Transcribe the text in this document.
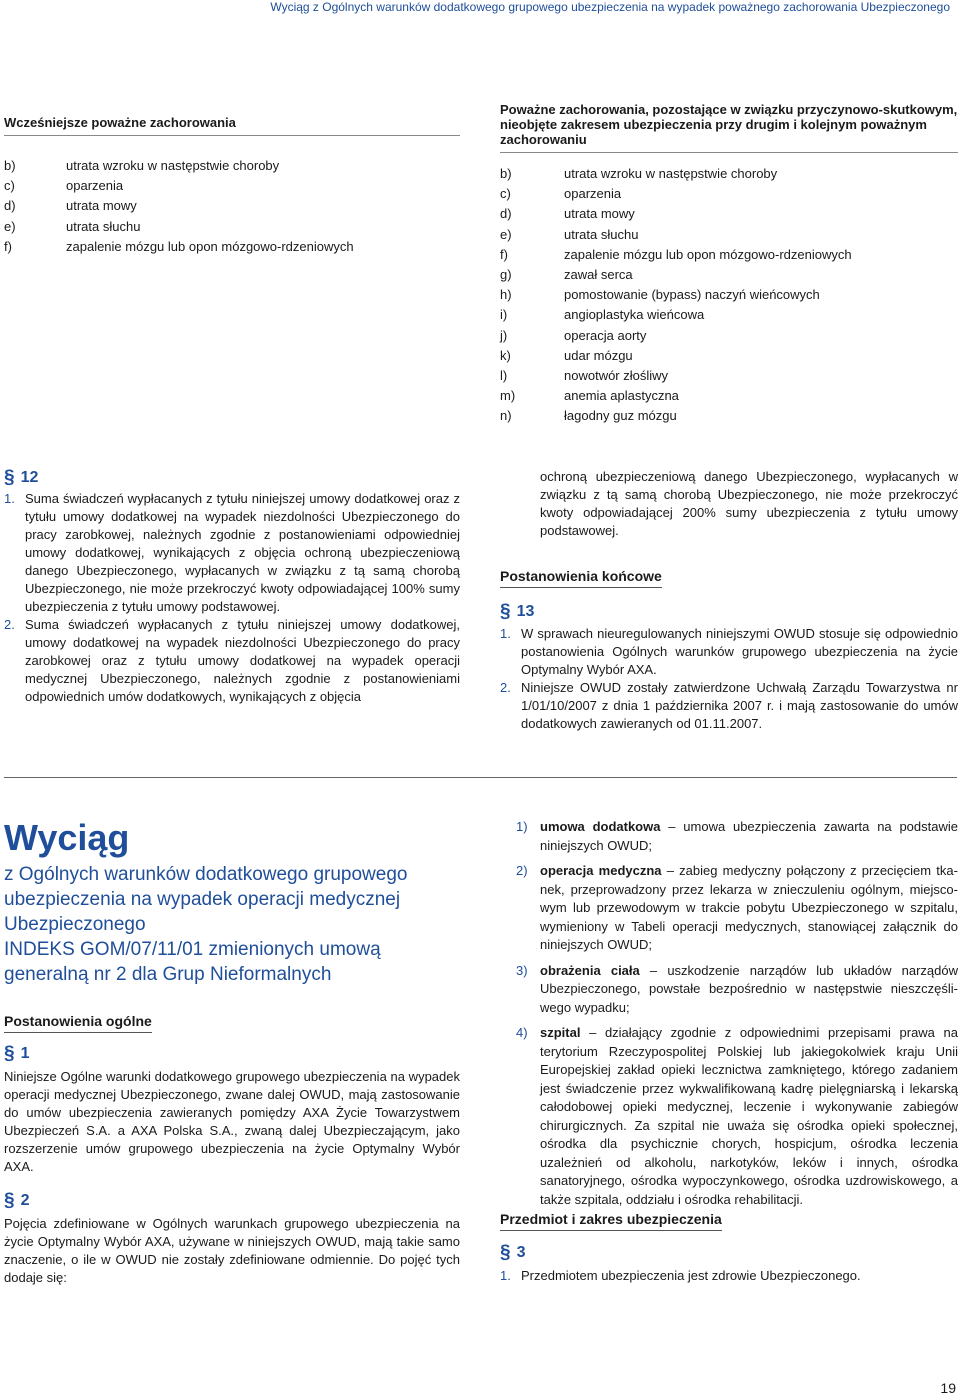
Wyciąg z Ogólnych warunków dodatkowego grupowego ubezpieczenia na wypadek poważnego zachorowania Ubezpieczonego
Wcześniejsze poważne zachorowania
b)	utrata wzroku w następstwie choroby
c)	oparzenia
d)	utrata mowy
e)	utrata słuchu
f)	zapalenie mózgu lub opon mózgowo-rdzeniowych
Poważne zachorowania, pozostające w związku przyczynowo-skutkowym, nieobjęte zakresem ubezpieczenia przy drugim i kolejnym poważnym zachorowaniu
b)	utrata wzroku w następstwie choroby
c)	oparzenia
d)	utrata mowy
e)	utrata słuchu
f)	zapalenie mózgu lub opon mózgowo-rdzeniowych
g)	zawał serca
h)	pomostowanie (bypass) naczyń wieńcowych
i)	angioplastyka wieńcowa
j)	operacja aorty
k)	udar mózgu
l)	nowotwór złośliwy
m)	anemia aplastyczna
n)	łagodny guz mózgu
§ 12
1. Suma świadczeń wypłacanych z tytułu niniejszej umowy dodatkowej oraz z tytułu umowy dodatkowej na wypadek niezdolności Ubezpieczonego do pracy zarobkowej, należnych zgodnie z postanowieniami odpowiedniej umowy dodatkowej, wynikających z objęcia ochroną ubezpieczeniową danego Ubezpieczonego, wypłacanych w związku z tą samą chorobą Ubezpieczonego, nie może przekroczyć kwoty odpowiadającej 100% sumy ubezpieczenia z tytułu umowy podstawowej.
2. Suma świadczeń wypłacanych z tytułu niniejszej umowy dodatkowej, umowy dodatkowej na wypadek niezdolności Ubezpieczonego do pracy zarobkowej oraz z tytułu umowy dodatkowej na wypadek operacji medycznej Ubezpieczonego, należnych zgodnie z postanowieniami odpowiednich umów dodatkowych, wynikających z objęcia

ochroną ubezpieczeniową danego Ubezpieczonego, wypłacanych w związku z tą samą chorobą Ubezpieczonego, nie może przekroczyć kwoty odpowiadającej 200% sumy ubezpieczenia z tytułu umowy podstawowej.

Postanowienia końcowe
§ 13
1. W sprawach nieuregulowanych niniejszymi OWUD stosuje się odpowiednio postanowienia Ogólnych warunków grupowego ubezpieczenia na życie Optymalny Wybór AXA.
2. Niniejsze OWUD zostały zatwierdzone Uchwałą Zarządu Towarzystwa nr 1/01/10/2007 z dnia 1 października 2007 r. i mają zastosowanie do umów dodatkowych zawieranych od 01.11.2007.
Wyciąg
z Ogólnych warunków dodatkowego grupowego
ubezpieczenia na wypadek operacji medycznej
Ubezpieczonego
INDEKS GOM/07/11/01 zmienionych umową
generalną nr 2 dla Grup Nieformalnych
Postanowienia ogólne
§ 1

Niniejsze Ogólne warunki dodatkowego grupowego ubezpieczenia na wypadek operacji medycznej Ubezpieczonego, zwane dalej OWUD, mają zastosowanie do umów ubezpieczenia zawieranych pomiędzy AXA Życie Towarzystwem Ubezpieczeń S.A. a AXA Polska S.A., zwaną dalej Ubezpieczającym, jako rozszerzenie umów grupowego ubezpieczenia na życie Optymalny Wybór AXA.

§ 2

Pojęcia zdefiniowane w Ogólnych warunkach grupowego ubezpieczenia na życie Optymalny Wybór AXA, używane w niniejszych OWUD, mają takie samo znaczenie, o ile w OWUD nie zostały zdefiniowane odmiennie. Do pojęć tych dodaje się:

1) umowa dodatkowa – umowa ubezpieczenia zawarta na podstawie niniejszych OWUD;
2) operacja medyczna – zabieg medyczny połączony z przecięciem tkanek, przeprowadzony przez lekarza w znieczuleniu ogólnym, miejscowym lub przewodowym w trakcie pobytu Ubezpieczonego w szpitalu, wymieniony w Tabeli operacji medycznych, stanowiącej załącznik do niniejszych OWUD;
3) obrażenia ciała – uszkodzenie narządów lub układów narządów Ubezpieczonego, powstałe bezpośrednio w następstwie nieszczęśliwego wypadku;
4) szpital – działający zgodnie z odpowiednimi przepisami prawa na terytorium Rzeczypospolitej Polskiej lub jakiegokolwiek kraju Unii Europejskiej zakład opieki lecznictwa zamkniętego, którego zadaniem jest świadczenie przez wykwalifikowaną kadrę pielęgniarską i lekarską całodobowej opieki medycznej, leczenie i wykonywanie zabiegów chirurgicznych. Za szpital nie uważa się ośrodka opieki społecznej, ośrodka dla psychicznie chorych, hospicjum, ośrodka leczenia uzależnień od alkoholu, narkotyków, leków i innych, ośrodka sanatoryjnego, ośrodka wypoczynkowego, ośrodka uzdrowiskowego, a także szpitala, oddziału i ośrodka rehabilitacji.
Przedmiot i zakres ubezpieczenia
§ 3
1. Przedmiotem ubezpieczenia jest zdrowie Ubezpieczonego.
19
